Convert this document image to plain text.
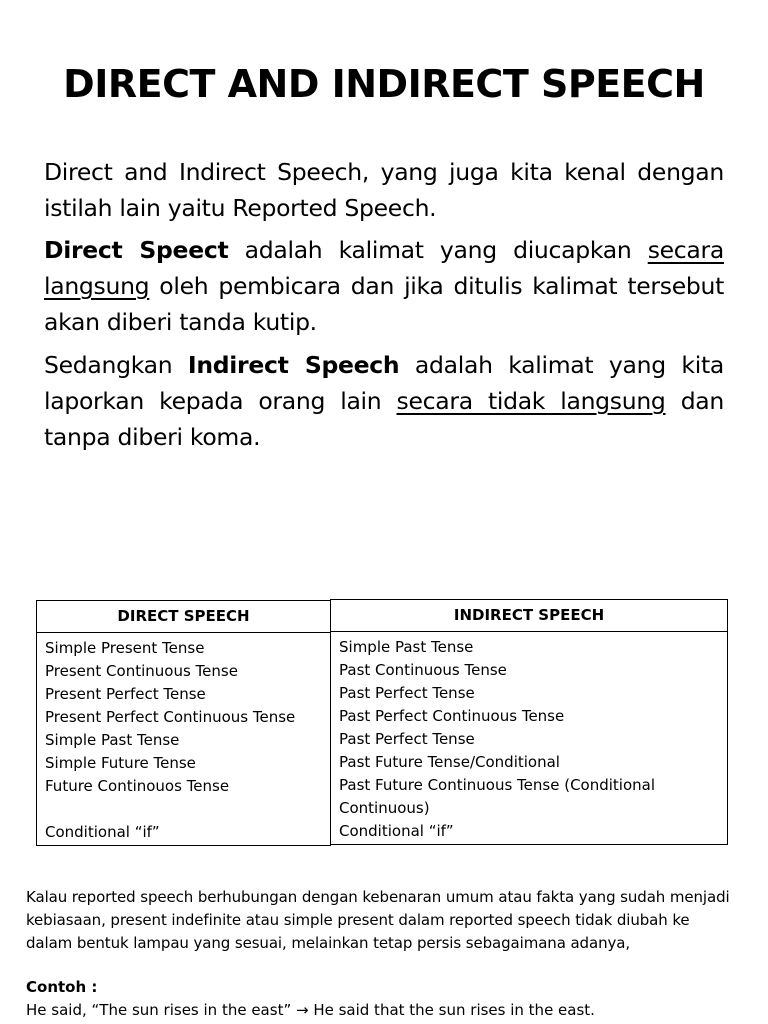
DIRECT AND INDIRECT SPEECH
Direct and Indirect Speech, yang juga kita kenal dengan istilah lain yaitu Reported Speech.
Direct Speect adalah kalimat yang diucapkan secara langsung oleh pembicara dan jika ditulis kalimat tersebut akan diberi tanda kutip.
Sedangkan Indirect Speech adalah kalimat yang kita laporkan kepada orang lain secara tidak langsung dan tanpa diberi koma.
DIRECT SPEECH
Simple Present Tense
Present Continuous Tense
Present Perfect Tense
Present Perfect Continuous Tense
Simple Past Tense
Simple Future Tense
Future Continouos Tense
Conditional “if”
INDIRECT SPEECH
Simple Past Tense
Past Continuous Tense
Past Perfect Tense
Past Perfect Continuous Tense
Past Perfect Tense
Past Future Tense/Conditional
Past Future Continuous Tense (Conditional Continuous)
Conditional “if”
Kalau reported speech berhubungan dengan kebenaran umum atau fakta yang sudah menjadi kebiasaan, present indefinite atau simple present dalam reported speech tidak diubah ke dalam bentuk lampau yang sesuai, melainkan tetap persis sebagaimana adanya,
Contoh :
He said, “The sun rises in the east” → He said that the sun rises in the east.
